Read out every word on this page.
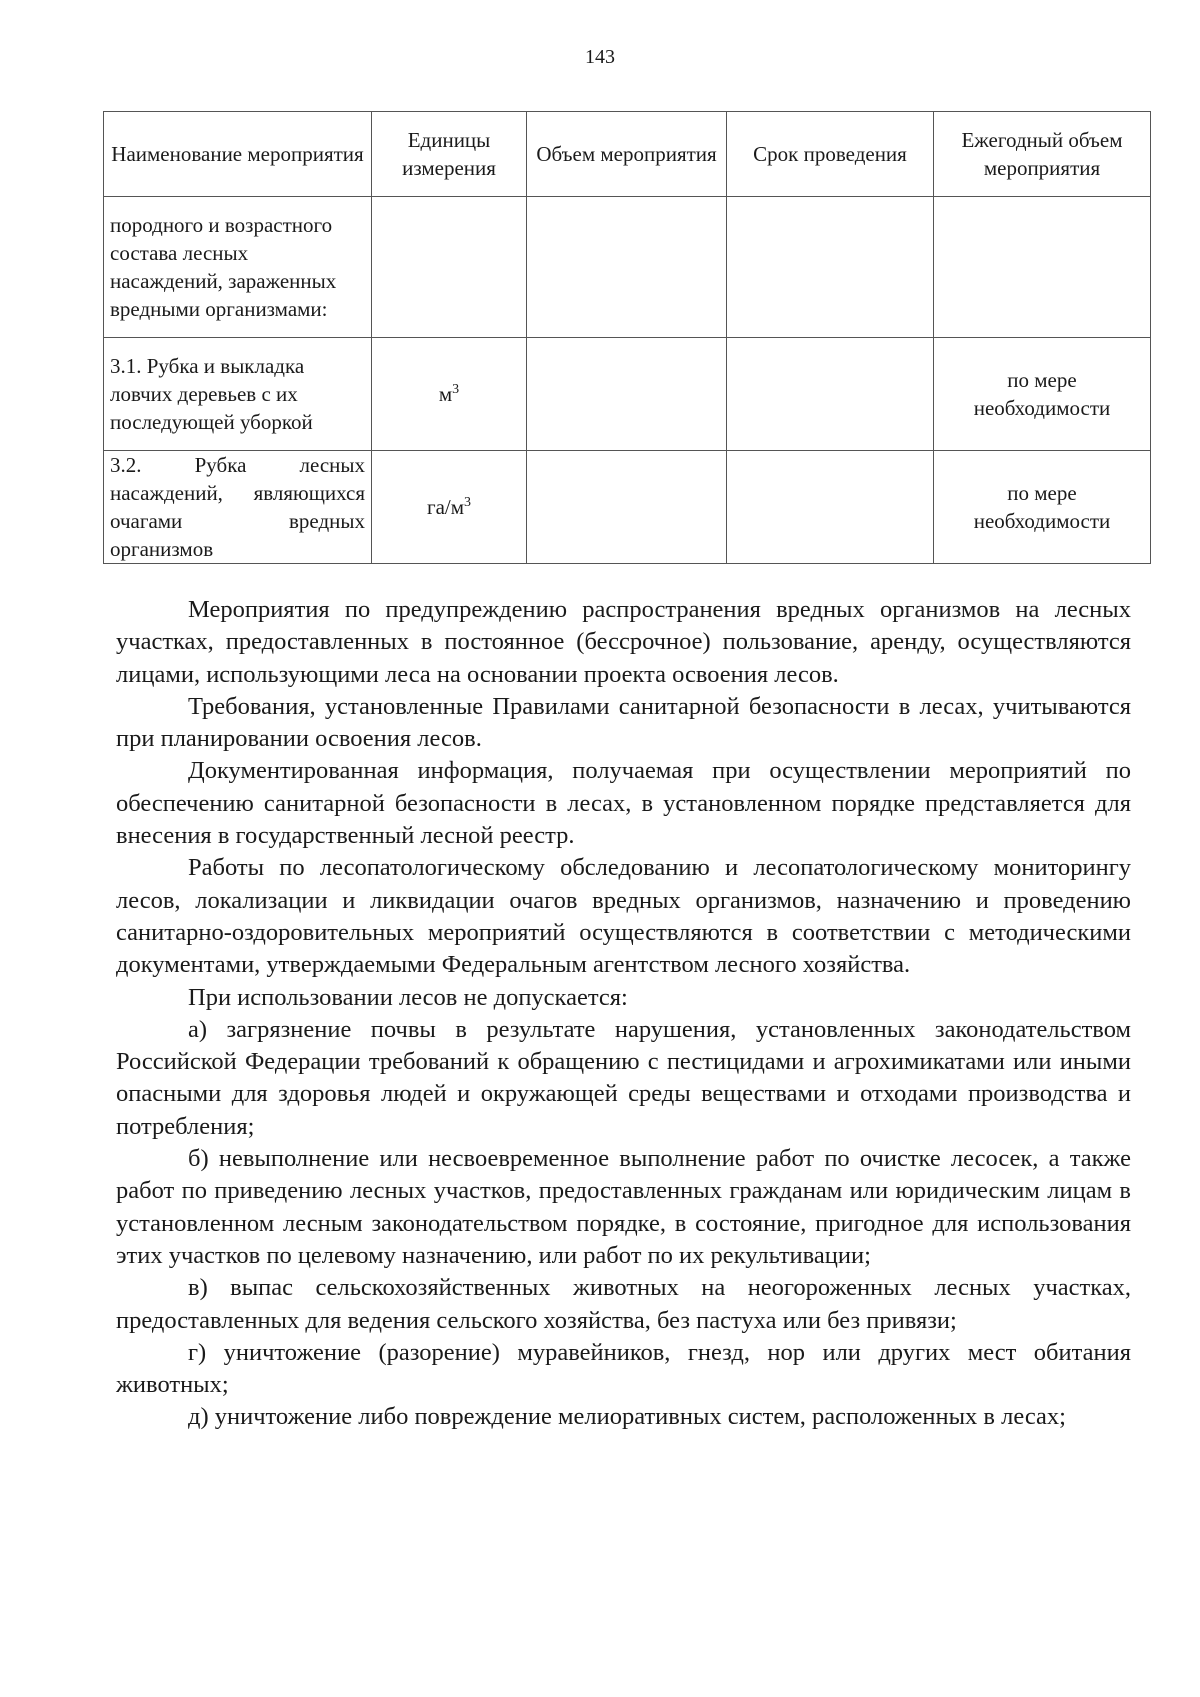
143
Наименование мероприятия	Единицы измерения	Объем мероприятия	Срок проведения	Ежегодный объем мероприятия
породного и возрастного состава лесных насаждений, зараженных вредными организмами:				
3.1. Рубка и выкладка ловчих деревьев с их последующей уборкой	$м^3$			по мере необходимости
3.2. Рубка лесных насаждений, являющихся очагами вредных организмов	$га/м^3$			по мере необходимости

Мероприятия по предупреждению распространения вредных организмов на лесных участках, предоставленных в постоянное (бессрочное) пользование, аренду, осуществляются лицами, использующими леса на основании проекта освоения лесов.

Требования, установленные Правилами санитарной безопасности в лесах, учитываются при планировании освоения лесов.

Документированная информация, получаемая при осуществлении мероприятий по обеспечению санитарной безопасности в лесах, в установленном порядке представляется для внесения в государственный лесной реестр.

Работы по лесопатологическому обследованию и лесопатологическому мониторингу лесов, локализации и ликвидации очагов вредных организмов, назначению и проведению санитарно-оздоровительных мероприятий осуществляются в соответствии с методическими документами, утверждаемыми Федеральным агентством лесного хозяйства.

При использовании лесов не допускается:

а) загрязнение почвы в результате нарушения, установленных законодательством Российской Федерации требований к обращению с пестицидами и агрохимикатами или иными опасными для здоровья людей и окружающей среды веществами и отходами производства и потребления;

б) невыполнение или несвоевременное выполнение работ по очистке лесосек, а также работ по приведению лесных участков, предоставленных гражданам или юридическим лицам в установленном лесным законодательством порядке, в состояние, пригодное для использования этих участков по целевому назначению, или работ по их рекультивации;

в) выпас сельскохозяйственных животных на неогороженных лесных участках, предоставленных для ведения сельского хозяйства, без пастуха или без привязи;

г) уничтожение (разорение) муравейников, гнезд, нор или других мест обитания животных;

д) уничтожение либо повреждение мелиоративных систем, расположенных в лесах;
